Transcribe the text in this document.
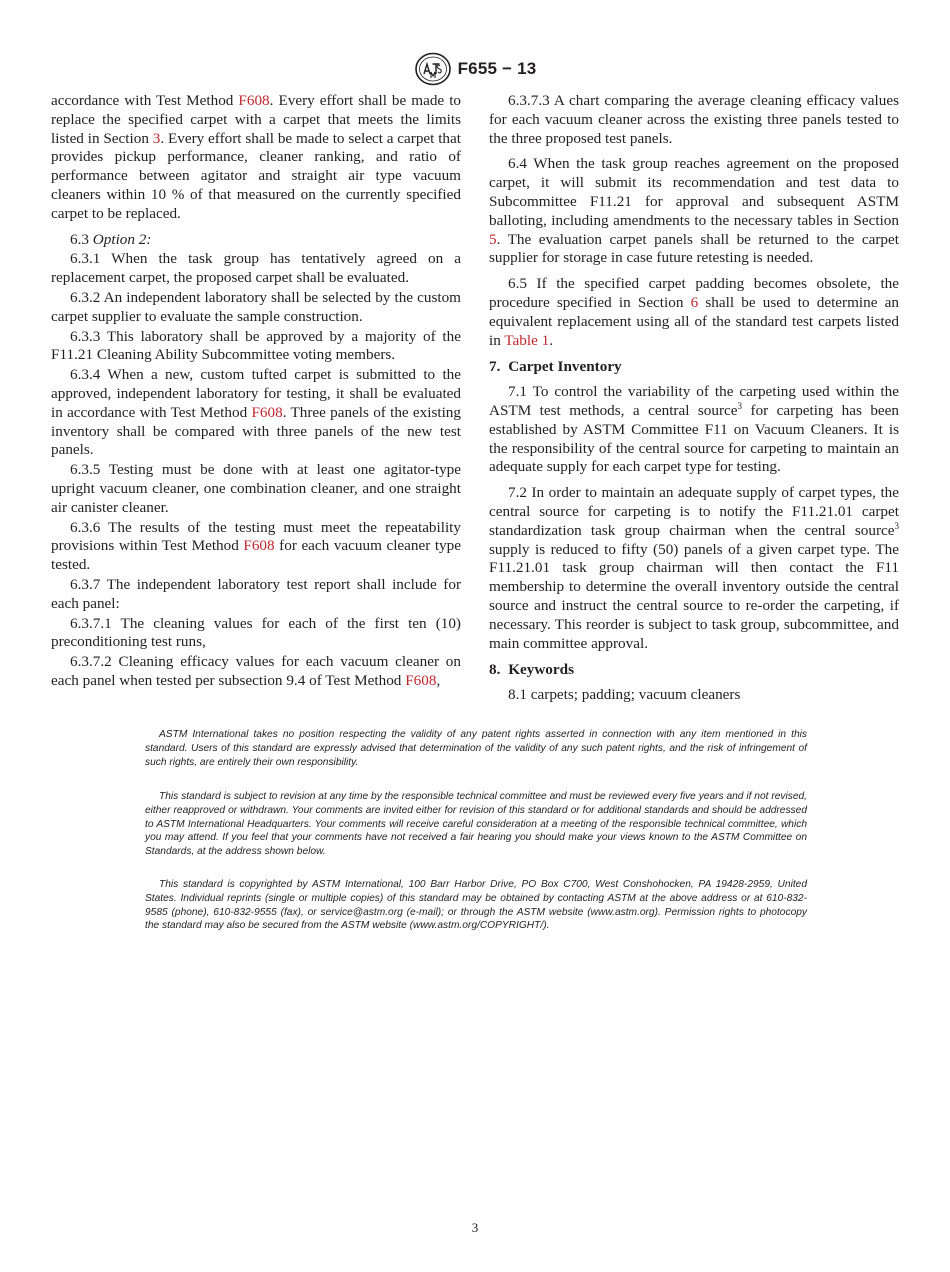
F655 − 13

accordance with Test Method F608. Every effort shall be made to replace the specified carpet with a carpet that meets the limits listed in Section 3. Every effort shall be made to select a carpet that provides pickup performance, cleaner ranking, and ratio of performance between agitator and straight air type vacuum cleaners within 10 % of that measured on the currently specified carpet to be replaced.

6.3 Option 2:

6.3.1 When the task group has tentatively agreed on a replacement carpet, the proposed carpet shall be evaluated.

6.3.2 An independent laboratory shall be selected by the custom carpet supplier to evaluate the sample construction.

6.3.3 This laboratory shall be approved by a majority of the F11.21 Cleaning Ability Subcommittee voting members.

6.3.4 When a new, custom tufted carpet is submitted to the approved, independent laboratory for testing, it shall be evaluated in accordance with Test Method F608. Three panels of the existing inventory shall be compared with three panels of the new test panels.

6.3.5 Testing must be done with at least one agitator-type upright vacuum cleaner, one combination cleaner, and one straight air canister cleaner.

6.3.6 The results of the testing must meet the repeatability provisions within Test Method F608 for each vacuum cleaner type tested.

6.3.7 The independent laboratory test report shall include for each panel:

6.3.7.1 The cleaning values for each of the first ten (10) preconditioning test runs,

6.3.7.2 Cleaning efficacy values for each vacuum cleaner on each panel when tested per subsection 9.4 of Test Method F608,

6.3.7.3 A chart comparing the average cleaning efficacy values for each vacuum cleaner across the existing three panels tested to the three proposed test panels.

6.4 When the task group reaches agreement on the proposed carpet, it will submit its recommendation and test data to Subcommittee F11.21 for approval and subsequent ASTM balloting, including amendments to the necessary tables in Section 5. The evaluation carpet panels shall be returned to the carpet supplier for storage in case future retesting is needed.

6.5 If the specified carpet padding becomes obsolete, the procedure specified in Section 6 shall be used to determine an equivalent replacement using all of the standard test carpets listed in Table 1.

7. Carpet Inventory

7.1 To control the variability of the carpeting used within the ASTM test methods, a central source$^3$ for carpeting has been established by ASTM Committee F11 on Vacuum Cleaners. It is the responsibility of the central source for carpeting to maintain an adequate supply for each carpet type for testing.

7.2 In order to maintain an adequate supply of carpet types, the central source for carpeting is to notify the F11.21.01 carpet standardization task group chairman when the central source$^3$ supply is reduced to fifty (50) panels of a given carpet type. The F11.21.01 task group chairman will then contact the F11 membership to determine the overall inventory outside the central source and instruct the central source to re-order the carpeting, if necessary. This reorder is subject to task group, subcommittee, and main committee approval.

8. Keywords

8.1 carpets; padding; vacuum cleaners

ASTM International takes no position respecting the validity of any patent rights asserted in connection with any item mentioned in this standard. Users of this standard are expressly advised that determination of the validity of any such patent rights, and the risk of infringement of such rights, are entirely their own responsibility.

This standard is subject to revision at any time by the responsible technical committee and must be reviewed every five years and if not revised, either reapproved or withdrawn. Your comments are invited either for revision of this standard or for additional standards and should be addressed to ASTM International Headquarters. Your comments will receive careful consideration at a meeting of the responsible technical committee, which you may attend. If you feel that your comments have not received a fair hearing you should make your views known to the ASTM Committee on Standards, at the address shown below.

This standard is copyrighted by ASTM International, 100 Barr Harbor Drive, PO Box C700, West Conshohocken, PA 19428-2959, United States. Individual reprints (single or multiple copies) of this standard may be obtained by contacting ASTM at the above address or at 610-832-9585 (phone), 610-832-9555 (fax), or service@astm.org (e-mail); or through the ASTM website (www.astm.org). Permission rights to photocopy the standard may also be secured from the ASTM website (www.astm.org/COPYRIGHT/).

3
